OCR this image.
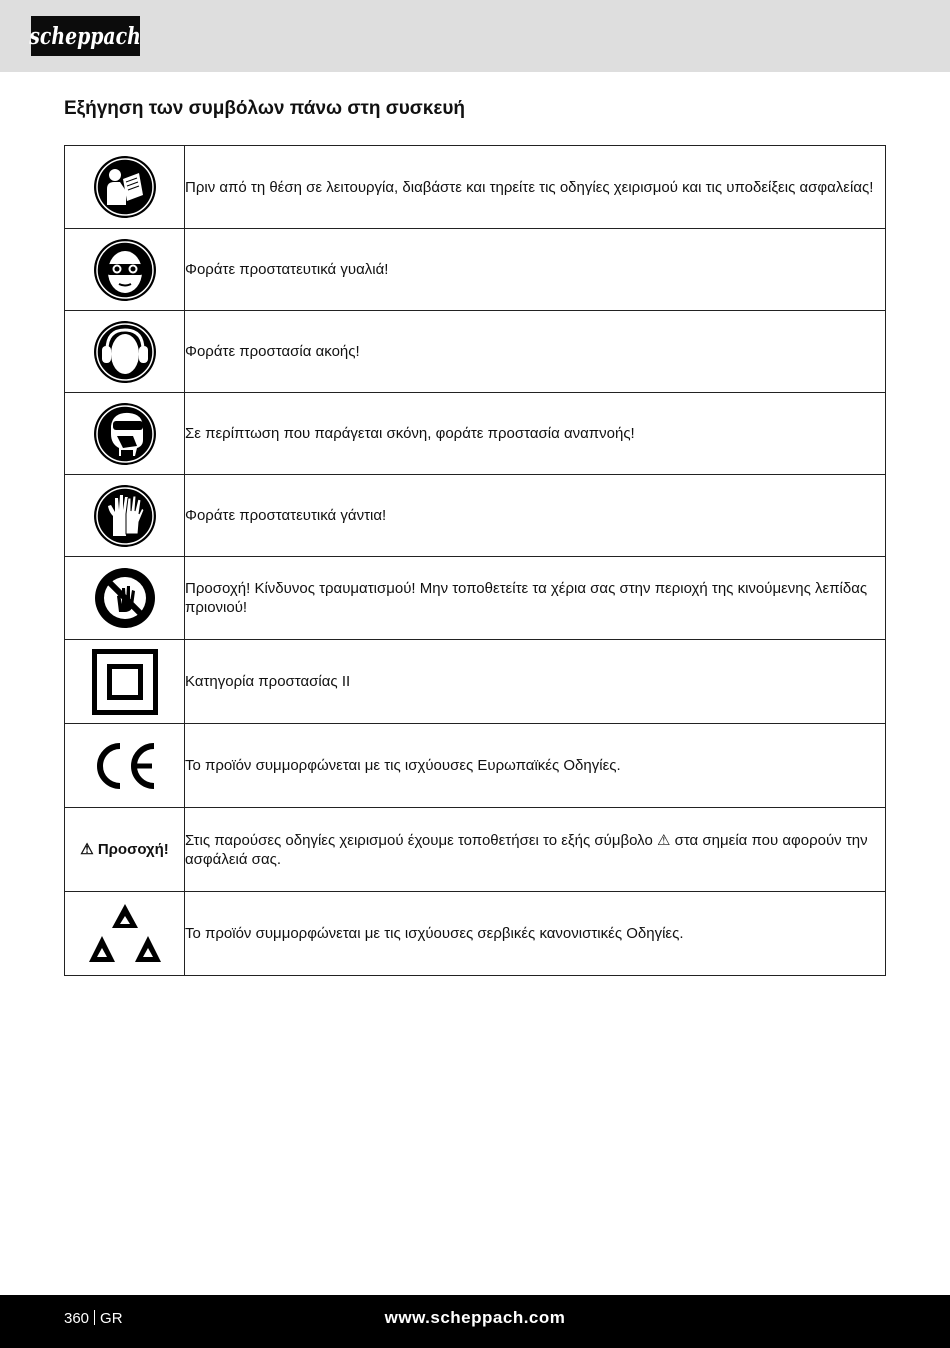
scheppach
Εξήγηση των συμβόλων πάνω στη συσκευή
	Πριν από τη θέση σε λειτουργία, διαβάστε και τηρείτε τις οδηγίες χειρισμού και τις υποδείξεις ασφαλείας!

	Φοράτε προστατευτικά γυαλιά!

	Φοράτε προστασία ακοής!

	Σε περίπτωση που παράγεται σκόνη, φοράτε προστασία αναπνοής!

	Φοράτε προστατευτικά γάντια!

	Προσοχή! Κίνδυνος τραυματισμού! Μην τοποθετείτε τα χέρια σας στην περιοχή της κινούμενης λεπίδας πριονιού!

	Κατηγορία προστασίας II

	Το προϊόν συμμορφώνεται με τις ισχύουσες Ευρωπαϊκές Οδηγίες.
⚠ Προσοχή!	Στις παρούσες οδηγίες χειρισμού έχουμε τοποθετήσει το εξής σύμβολο ⚠ στα σημεία που αφορούν την ασφάλειά σας.

	Το προϊόν συμμορφώνεται με τις ισχύουσες σερβικές κανονιστικές Οδηγίες.
360 GR	www.scheppach.com
